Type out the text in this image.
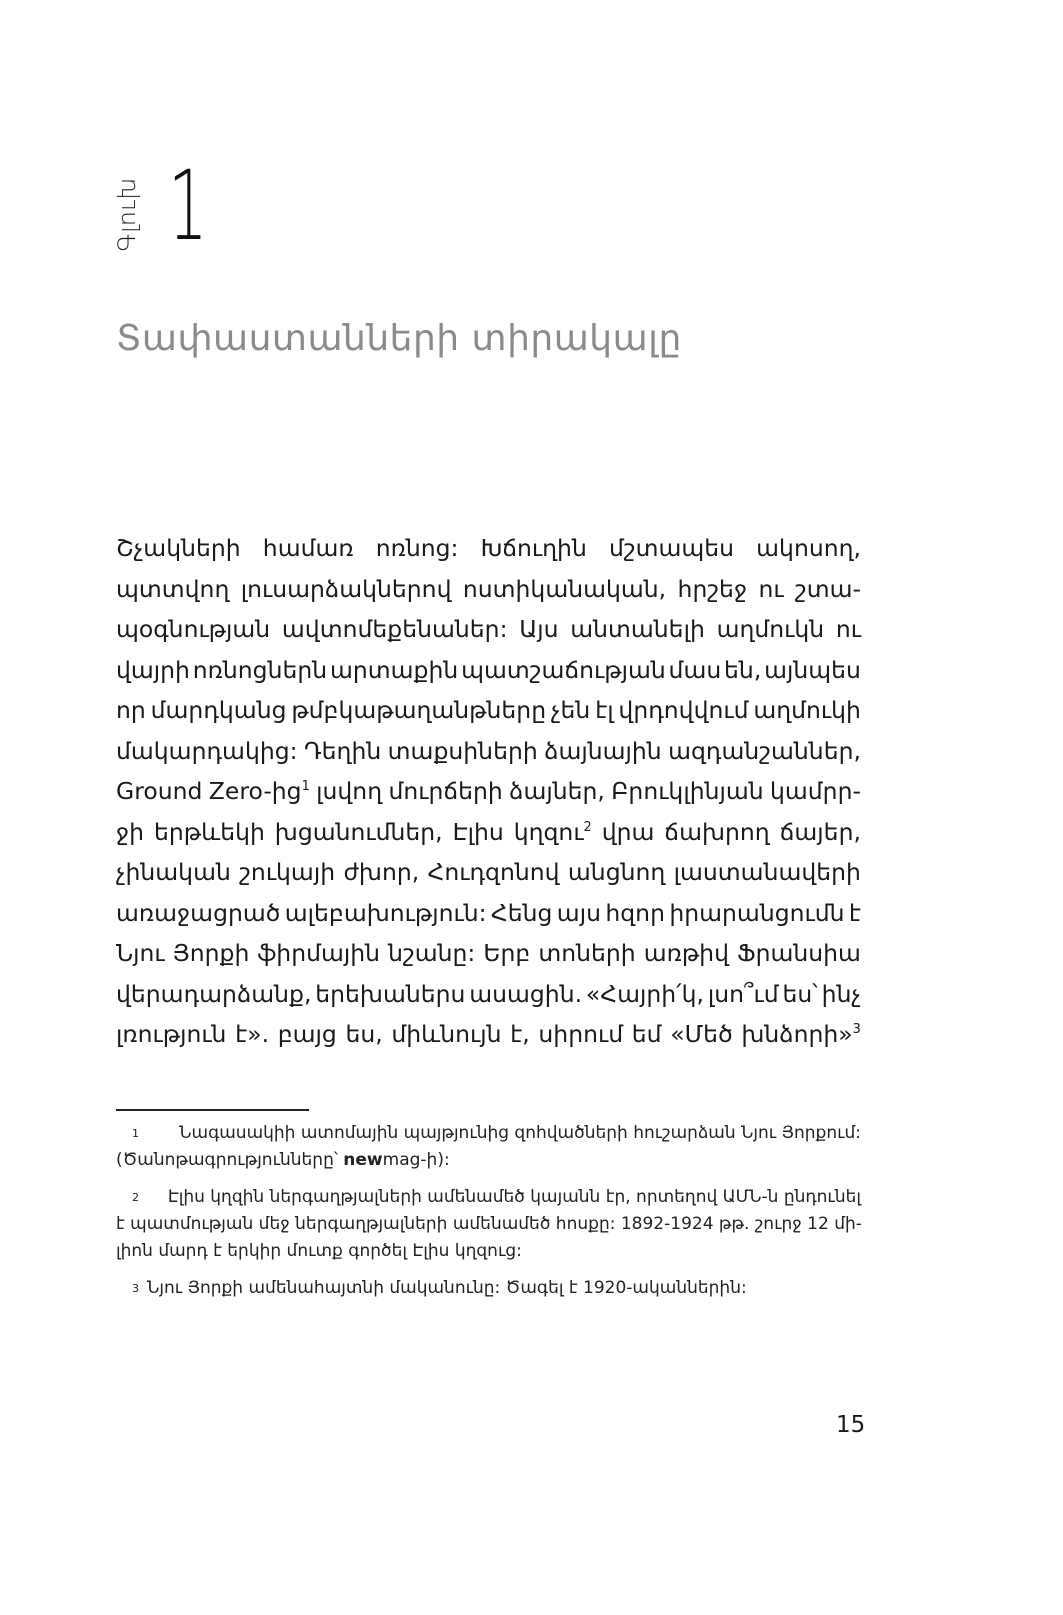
Գլուխ 1
Տափաստանների տիրակալը
Շչակների համառ ոռնոց: Խճուղին մշտապես ակոսող,
պտտվող լուսարձակներով ոստիկանական, հրշեջ ու շտա-
պօգնության ավտոմեքենաներ: Այս անտանելի աղմուկն ու
վայրի ոռնոցներն արտաքին պատշաճության մաս են, այնպես
որ մարդկանց թմբկաթաղանթները չեն էլ վրդովվում աղմուկի
մակարդակից: Դեղին տաքսիների ձայնային ազդանշաններ,
Ground Zero-ից$^1$ լսվող մուրճերի ձայներ, Բրուկլինյան կամրր-
ջի երթևեկի խցանումներ, Էլիս կղզու$^2$ վրա ճախրող ճայեր,
չինական շուկայի ժխոր, Հուդզոնով անցնող լաստանավերի
առաջացրած ալեբախություն: Հենց այս հզոր իրարանցումն է
Նյու Յորքի ֆիրմային նշանը: Երբ տոների առթիվ Ֆրանսիա
վերադարձանք, երեխաներս ասացին. «Հայրի՛կ, լսո՞ւմ ես՝ ինչ
լռություն է». բայց ես, միևնույն է, սիրում եմ «Մեծ խնձորի»$^3$
1 Նագասակիի ատոմային պայթյունից զոհվածների հուշարձան Նյու Յորքում:
(Ծանոթագրությունները՝ newmag-ի):
2 Էլիս կղզին ներգաղթյալների ամենամեծ կայանն էր, որտեղով ԱՄՆ-ն ընդունել
է պատմության մեջ ներգաղթյալների ամենամեծ հոսքը: 1892-1924 թթ. շուրջ 12 մի-
լիոն մարդ է երկիր մուտք գործել Էլիս կղզուց:
3 Նյու Յորքի ամենահայտնի մականունը: Ծագել է 1920-ականներին:
15
